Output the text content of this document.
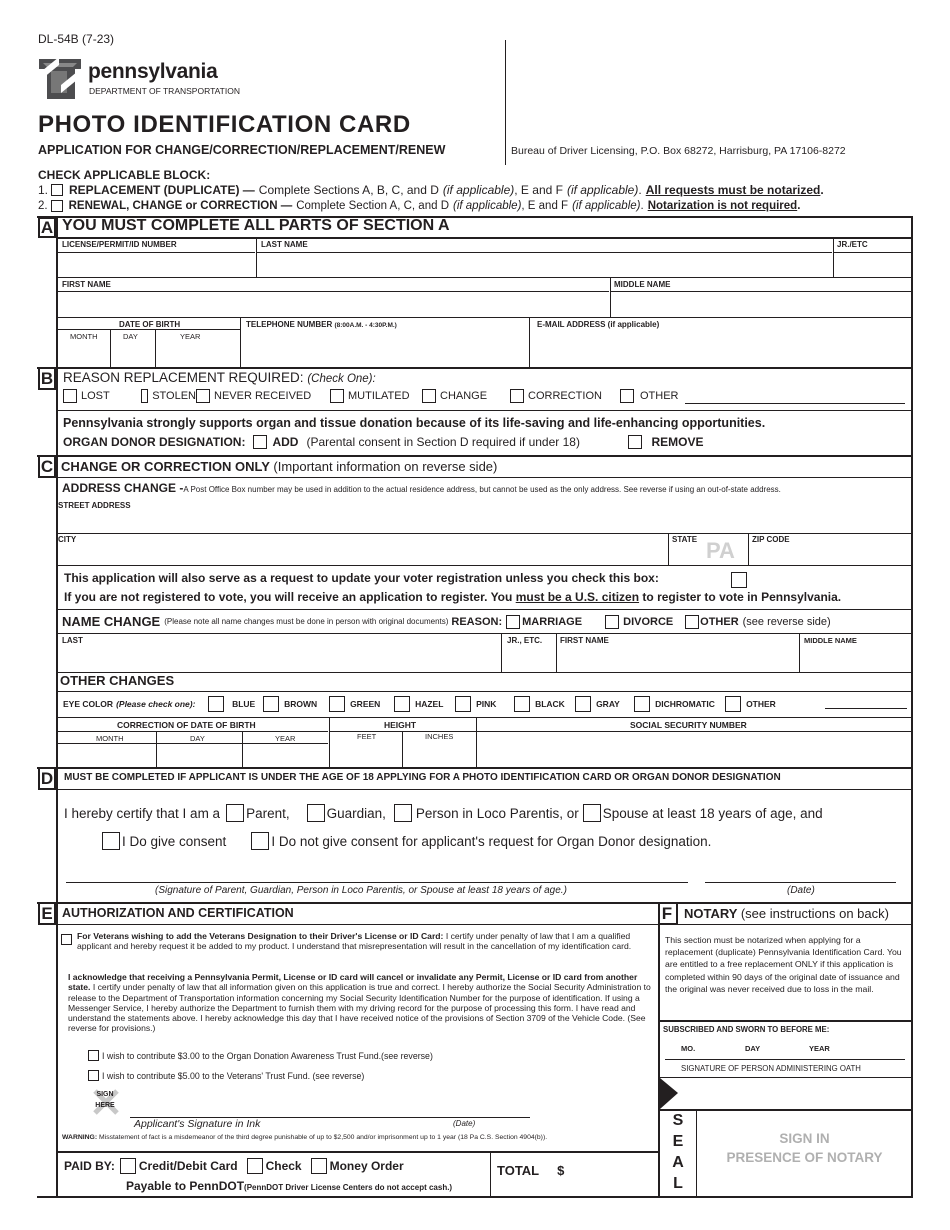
DL-54B (7-23)
pennsylvania
DEPARTMENT OF TRANSPORTATION
PHOTO IDENTIFICATION CARD
APPLICATION FOR CHANGE/CORRECTION/REPLACEMENT/RENEW	Bureau of Driver Licensing, P.O. Box 68272, Harrisburg, PA 17106-8272
CHECK APPLICABLE BLOCK:
1. REPLACEMENT (DUPLICATE) — Complete Sections A, B, C, and D (if applicable) , E and F (if applicable) . All requests must be notarized .
2. RENEWAL, CHANGE or CORRECTION — Complete Section A, C, and D (if applicable) , E and F (if applicable) . Notarization is not required .
A YOU MUST COMPLETE ALL PARTS OF SECTION A
LICENSE/PERMIT/ID NUMBER	LAST NAME	JR./ETC
FIRST NAME	MIDDLE NAME
DATE OF BIRTH
MONTH	DAY	YEAR
TELEPHONE NUMBER (8:00A.M. - 4:30P.M.)	E-MAIL ADDRESS (if applicable)
B REASON REPLACEMENT REQUIRED: (Check One):
LOST	STOLEN NEVER RECEIVED	MUTILATED	CHANGE	CORRECTION	OTHER
Pennsylvania strongly supports organ and tissue donation because of its life-saving and life-enhancing opportunities.
ORGAN DONOR DESIGNATION: ADD (Parental consent in Section D required if under 18)	REMOVE
C CHANGE OR CORRECTION ONLY (Important information on reverse side)
ADDRESS CHANGE -A Post Office Box number may be used in addition to the actual residence address, but cannot be used as the only address. See reverse if using an out-of-state address.
STREET ADDRESS
CITY	STATE PA ZIP CODE
This application will also serve as a request to update your voter registration unless you check this box:
If you are not registered to vote, you will receive an application to register. You must be a U.S. citizen to register to vote in Pennsylvania.
NAME CHANGE (Please note all name changes must be done in person with original documents) REASON: MARRIAGE	DIVORCE	OTHER (see reverse side)
LAST	JR., ETC. FIRST NAME	MIDDLE NAME
OTHER CHANGES
EYE COLOR (Please check one):	BLUE	BROWN	GREEN	HAZEL	PINK	BLACK	GRAY	DICHROMATIC	OTHER
CORRECTION OF DATE OF BIRTH
MONTH	DAY	YEAR
HEIGHT
FEET	INCHES
SOCIAL SECURITY NUMBER
D MUST BE COMPLETED IF APPLICANT IS UNDER THE AGE OF 18 APPLYING FOR A PHOTO IDENTIFICATION CARD OR ORGAN DONOR DESIGNATION
I hereby certify that I am a Parent,	Guardian, Person in Loco Parentis, or Spouse at least 18 years of age, and
I Do give consent	I Do not give consent for applicant's request for Organ Donor designation.
(Signature of Parent, Guardian, Person in Loco Parentis, or Spouse at least 18 years of age.)	(Date)
E AUTHORIZATION AND CERTIFICATION
For Veterans wishing to add the Veterans Designation to their Driver's License or ID Card: I certify under penalty of law that I am a qualified applicant and hereby request it be added to my product. I understand that misrepresentation will result in the cancellation of my identification card.
I acknowledge that receiving a Pennsylvania Permit, License or ID card will cancel or invalidate any Permit, License or ID card from another state. I certify under penalty of law that all information given on this application is true and correct. I hereby authorize the Social Security Administration to release to the Department of Transportation information concerning my Social Security Identification Number for the purpose of identification. If using a Messenger Service, I hereby authorize the Department to furnish them with my driving record for the purpose of processing this form. I have read and understand the statements above. I hereby acknowledge this day that I have received notice of the provisions of Section 3709 of the Vehicle Code. (See reverse for provisions.)
I wish to contribute $3.00 to the Organ Donation Awareness Trust Fund.(see reverse)
I wish to contribute $5.00 to the Veterans' Trust Fund. (see reverse)
SIGN HERE
Applicant's Signature in Ink	(Date)
WARNING: Misstatement of fact is a misdemeanor of the third degree punishable of up to $2,500 and/or imprisonment up to 1 year (18 Pa C.S. Section 4904(b)).
PAID BY: Credit/Debit Card Check Money Order
Payable to PennDOT(PennDOT Driver License Centers do not accept cash.)
TOTAL $
F NOTARY (see instructions on back)
This section must be notarized when applying for a replacement (duplicate) Pennsylvania Identification Card. You are entitled to a free replacement ONLY if this application is completed within 90 days of the original date of issuance and the original was never received due to loss in the mail.
SUBSCRIBED AND SWORN TO BEFORE ME:
MO.	DAY	YEAR
SIGNATURE OF PERSON ADMINISTERING OATH
S
E
A
L
SIGN IN
PRESENCE OF NOTARY
